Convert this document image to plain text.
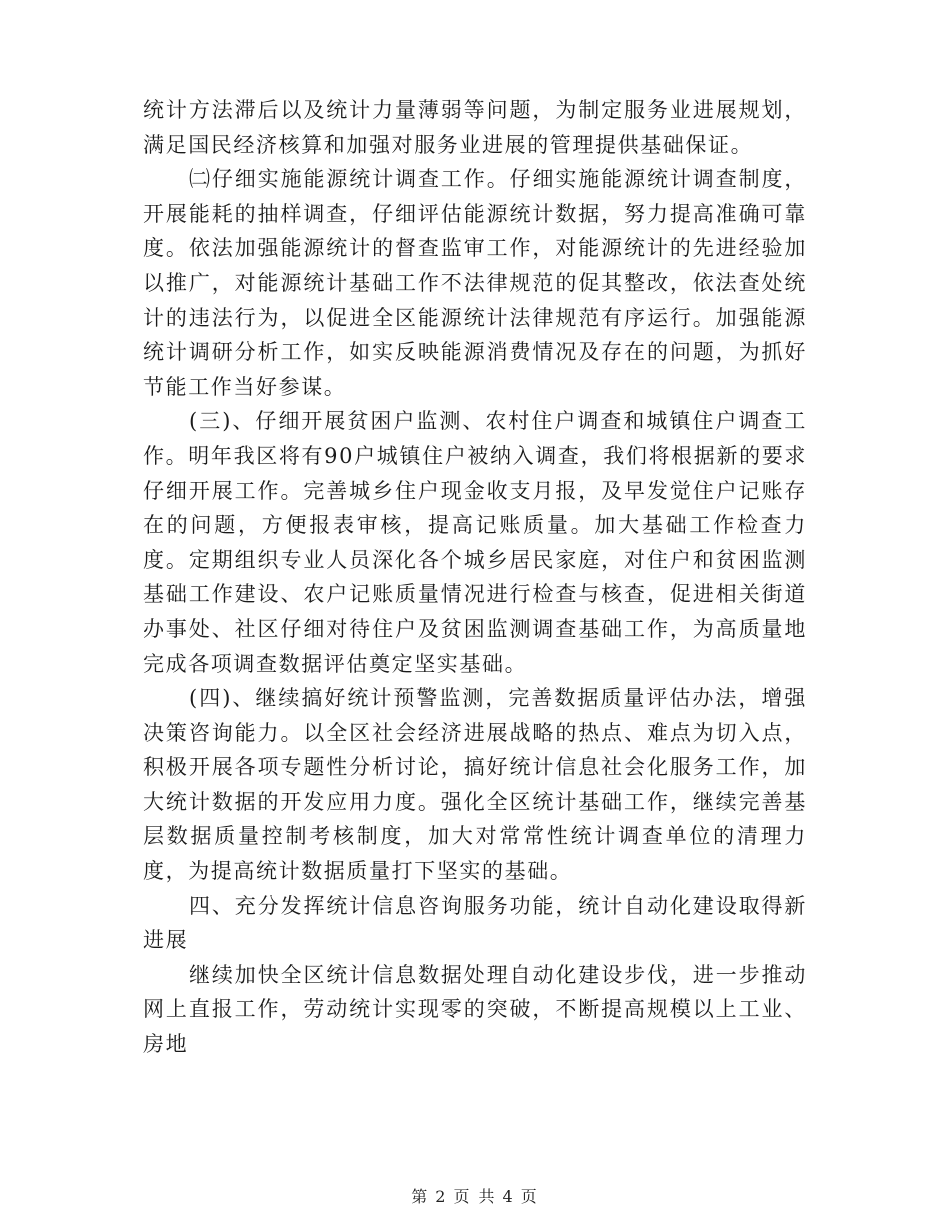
统计方法滞后以及统计力量薄弱等问题，为制定服务业进展规划，满足国民经济核算和加强对服务业进展的管理提供基础保证。

㈡仔细实施能源统计调查工作。仔细实施能源统计调查制度，开展能耗的抽样调查，仔细评估能源统计数据，努力提高准确可靠度。依法加强能源统计的督查监审工作，对能源统计的先进经验加以推广，对能源统计基础工作不法律规范的促其整改，依法查处统计的违法行为，以促进全区能源统计法律规范有序运行。加强能源统计调研分析工作，如实反映能源消费情况及存在的问题，为抓好节能工作当好参谋。

(三)、仔细开展贫困户监测、农村住户调查和城镇住户调查工作。明年我区将有90户城镇住户被纳入调查，我们将根据新的要求仔细开展工作。完善城乡住户现金收支月报，及早发觉住户记账存在的问题，方便报表审核，提高记账质量。加大基础工作检查力度。定期组织专业人员深化各个城乡居民家庭，对住户和贫困监测基础工作建设、农户记账质量情况进行检查与核查，促进相关街道办事处、社区仔细对待住户及贫困监测调查基础工作，为高质量地完成各项调查数据评估奠定坚实基础。

(四)、继续搞好统计预警监测，完善数据质量评估办法，增强决策咨询能力。以全区社会经济进展战略的热点、难点为切入点，积极开展各项专题性分析讨论，搞好统计信息社会化服务工作，加大统计数据的开发应用力度。强化全区统计基础工作，继续完善基层数据质量控制考核制度，加大对常常性统计调查单位的清理力度，为提高统计数据质量打下坚实的基础。

四、充分发挥统计信息咨询服务功能，统计自动化建设取得新进展

继续加快全区统计信息数据处理自动化建设步伐，进一步推动网上直报工作，劳动统计实现零的突破，不断提高规模以上工业、房地

第 2 页 共 4 页
